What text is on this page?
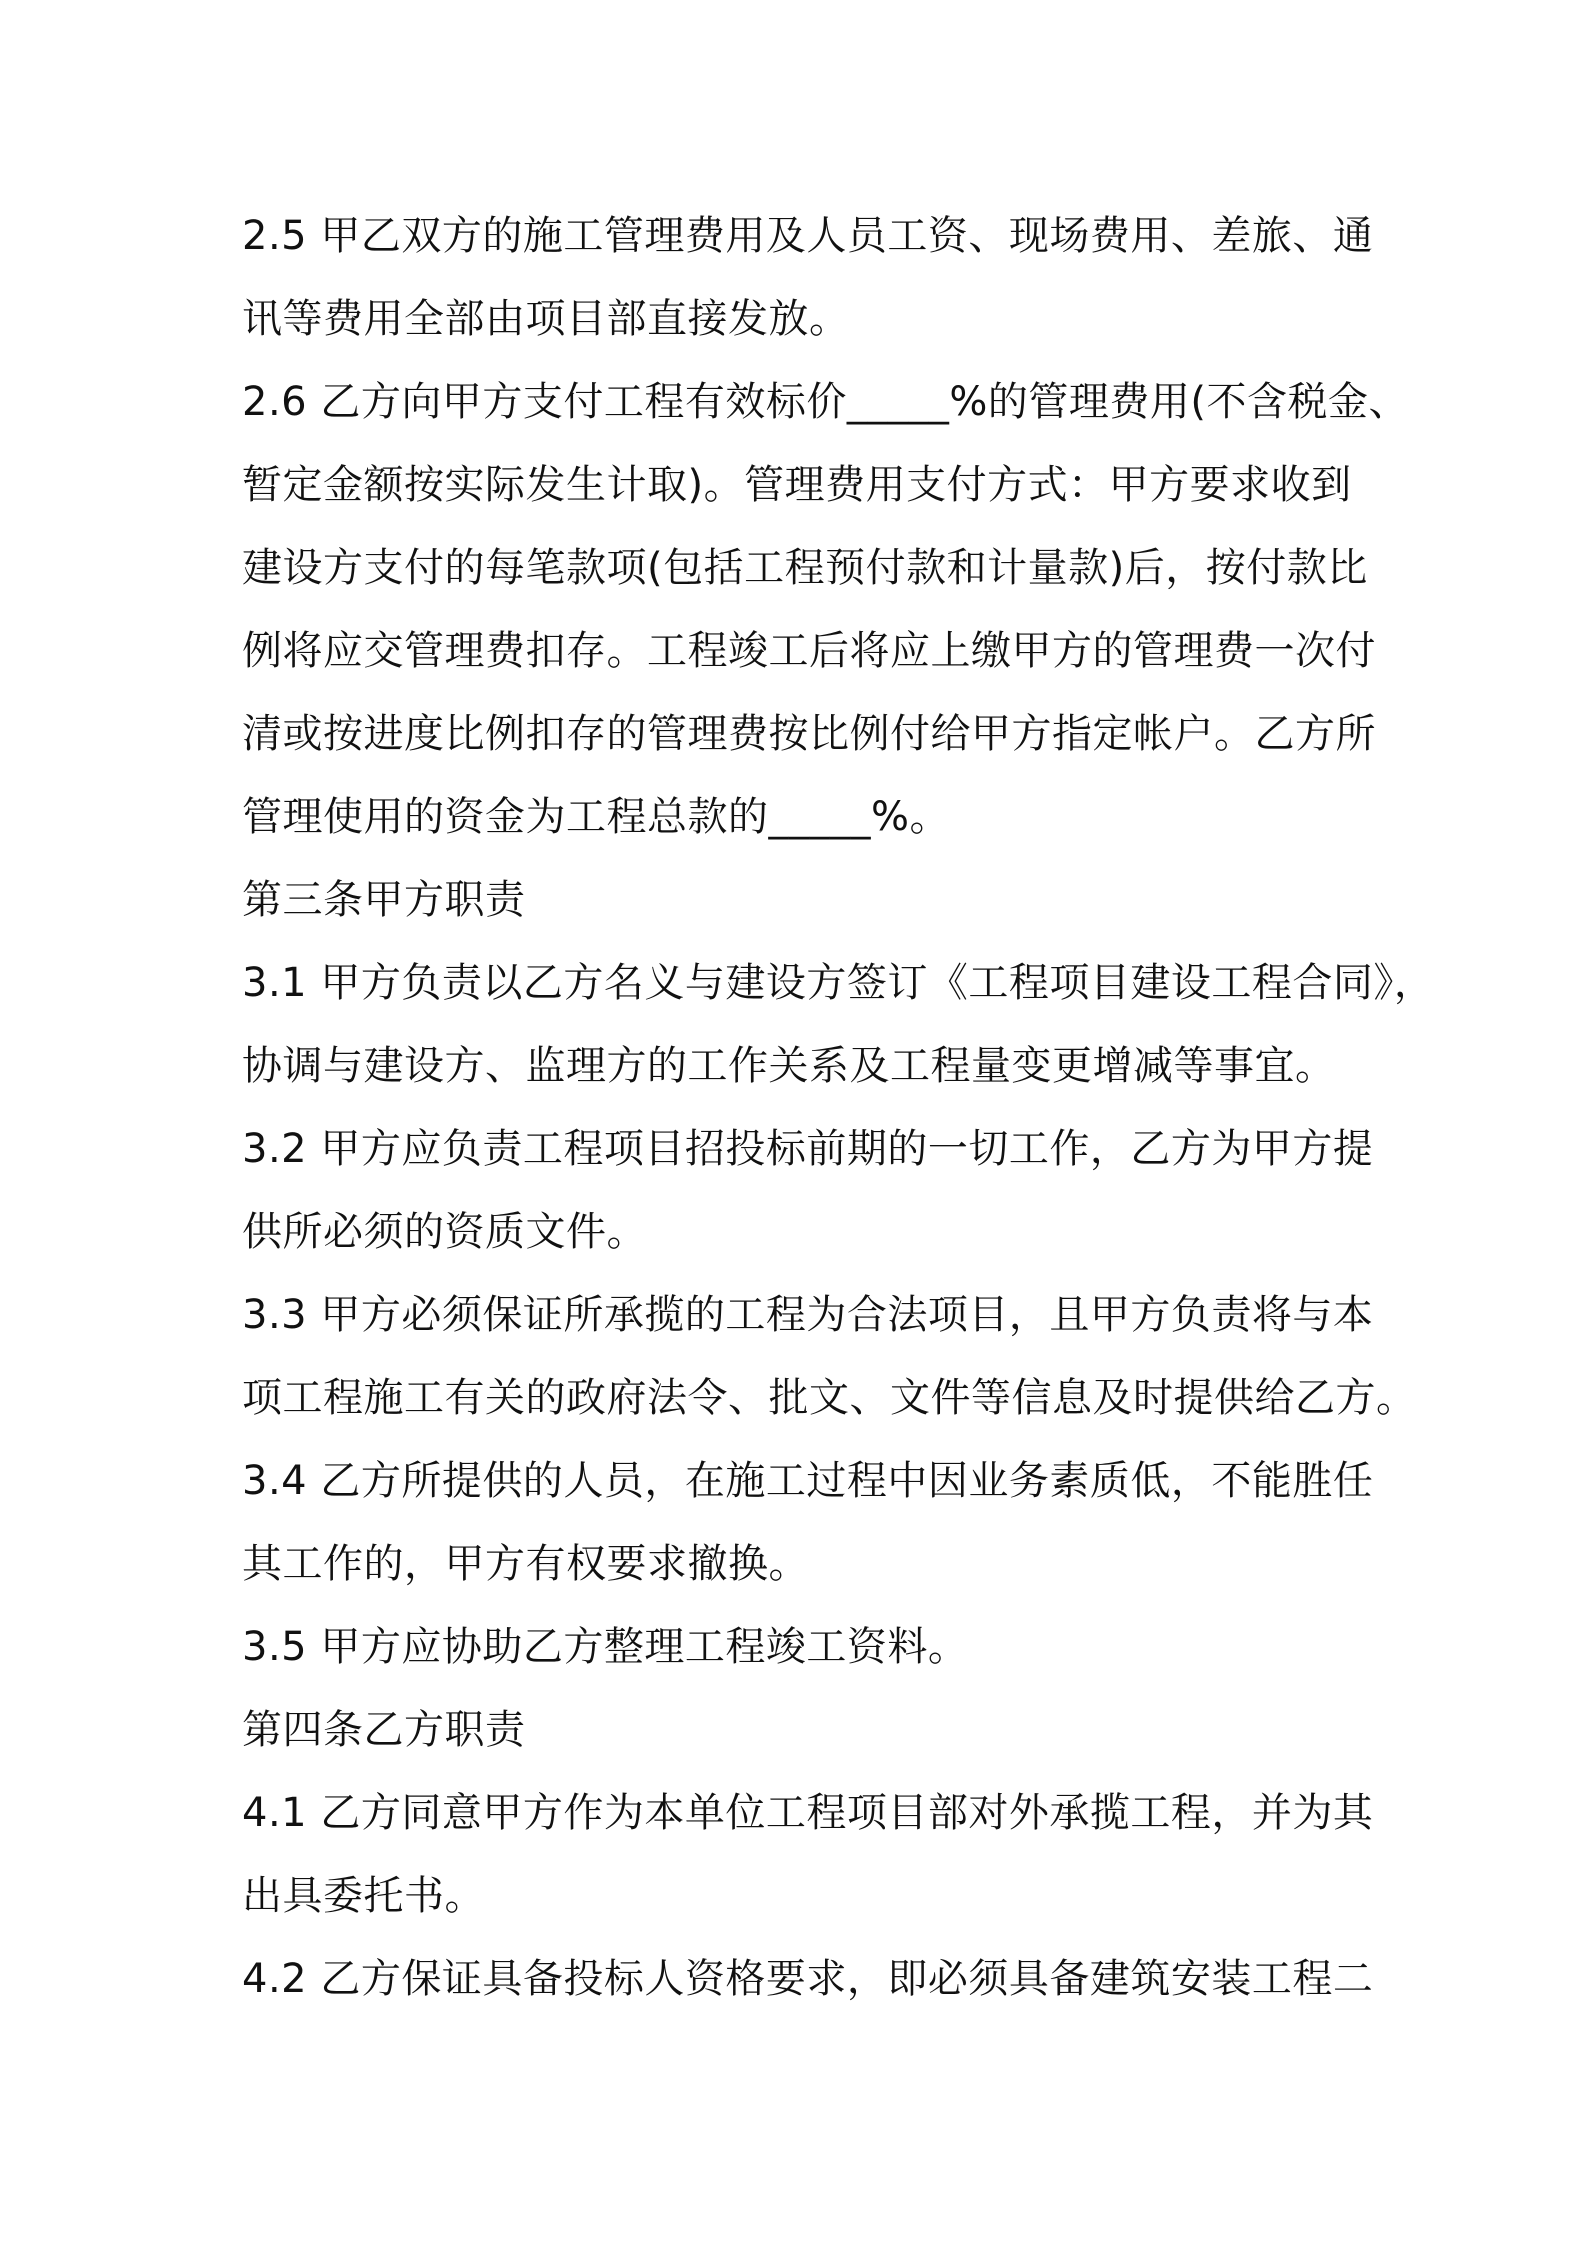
2.5 甲乙双方的施工管理费用及人员工资、现场费用、差旅、通
讯等费用全部由项目部直接发放。
2.6 乙方向甲方支付工程有效标价_____%的管理费用(不含税金、
暂定金额按实际发生计取)。管理费用支付方式：甲方要求收到
建设方支付的每笔款项(包括工程预付款和计量款)后，按付款比
例将应交管理费扣存。工程竣工后将应上缴甲方的管理费一次付
清或按进度比例扣存的管理费按比例付给甲方指定帐户。乙方所
管理使用的资金为工程总款的_____%。
第三条甲方职责
3.1 甲方负责以乙方名义与建设方签订《工程项目建设工程合同》，
协调与建设方、监理方的工作关系及工程量变更增减等事宜。
3.2 甲方应负责工程项目招投标前期的一切工作，乙方为甲方提
供所必须的资质文件。
3.3 甲方必须保证所承揽的工程为合法项目，且甲方负责将与本
项工程施工有关的政府法令、批文、文件等信息及时提供给乙方。
3.4 乙方所提供的人员，在施工过程中因业务素质低，不能胜任
其工作的，甲方有权要求撤换。
3.5 甲方应协助乙方整理工程竣工资料。
第四条乙方职责
4.1 乙方同意甲方作为本单位工程项目部对外承揽工程，并为其
出具委托书。
4.2 乙方保证具备投标人资格要求，即必须具备建筑安装工程二
